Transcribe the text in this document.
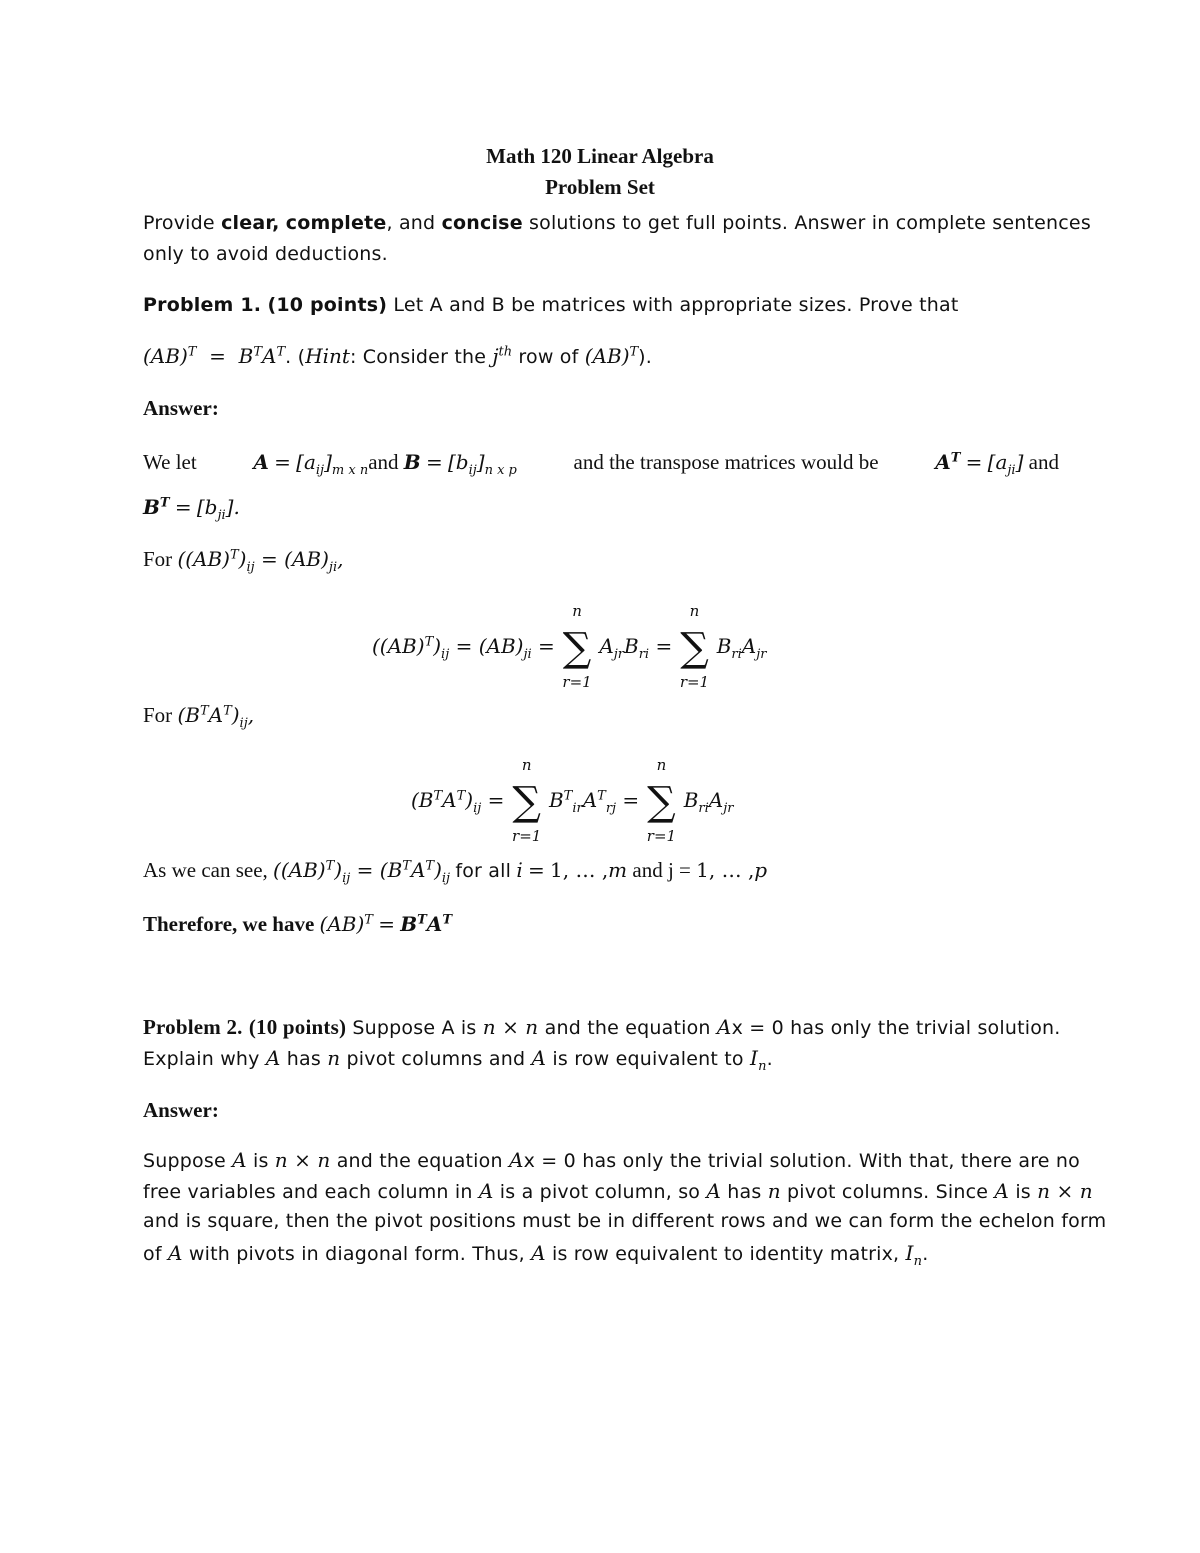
Math 120 Linear Algebra
Problem Set
Provide clear, complete, and concise solutions to get full points. Answer in complete sentences
only to avoid deductions.
Problem 1. (10 points) Let A and B be matrices with appropriate sizes. Prove that
$(AB)^T = B^TA^T$. (Hint: Consider the $j^{th}$ row of (AB)$^T$).
Answer:
We let	$A = [a_{ij}]_{m x n}and$ $B = [b_{ij}]_{n x p}$	and the transpose matrices would be	$A^T = [a_{ji}]$ and
$B^T = [b_{ji}]$.
For $((AB)^T)_{ij} = (AB)_{ji}$,
$((AB)^T)_{ij} = (AB)_{ji}$ =
n
∑
r=1
$A_{jr}B_{ri}$ =
n
∑
r=1
$B_{ri}A_{jr}$
For $(B^TA^T)_{ij}$,
$(B^TA^T)_{ij}$ =
n
∑
r=1
$B^T_{ir}A^T_{rj}$ =
n
∑
r=1
$B_{ri}A_{jr}$
As we can see, $((AB)^T)_{ij} = (B^TA^T)_{ij}$ for all i = 1, … ,m and j = 1, … ,p
Therefore, we have $(AB)^T = B^TA^T$
Problem 2. (10 points) Suppose A is n × n and the equation Ax = 0 has only the trivial solution.
Explain why A has n pivot columns and A is row equivalent to $I_n$.
Answer:
Suppose A is n × n and the equation Ax = 0 has only the trivial solution. With that, there are no
free variables and each column in A is a pivot column, so A has n pivot columns. Since A is n × n
and is square, then the pivot positions must be in different rows and we can form the echelon form
of A with pivots in diagonal form. Thus, A is row equivalent to identity matrix, $I_n$.
